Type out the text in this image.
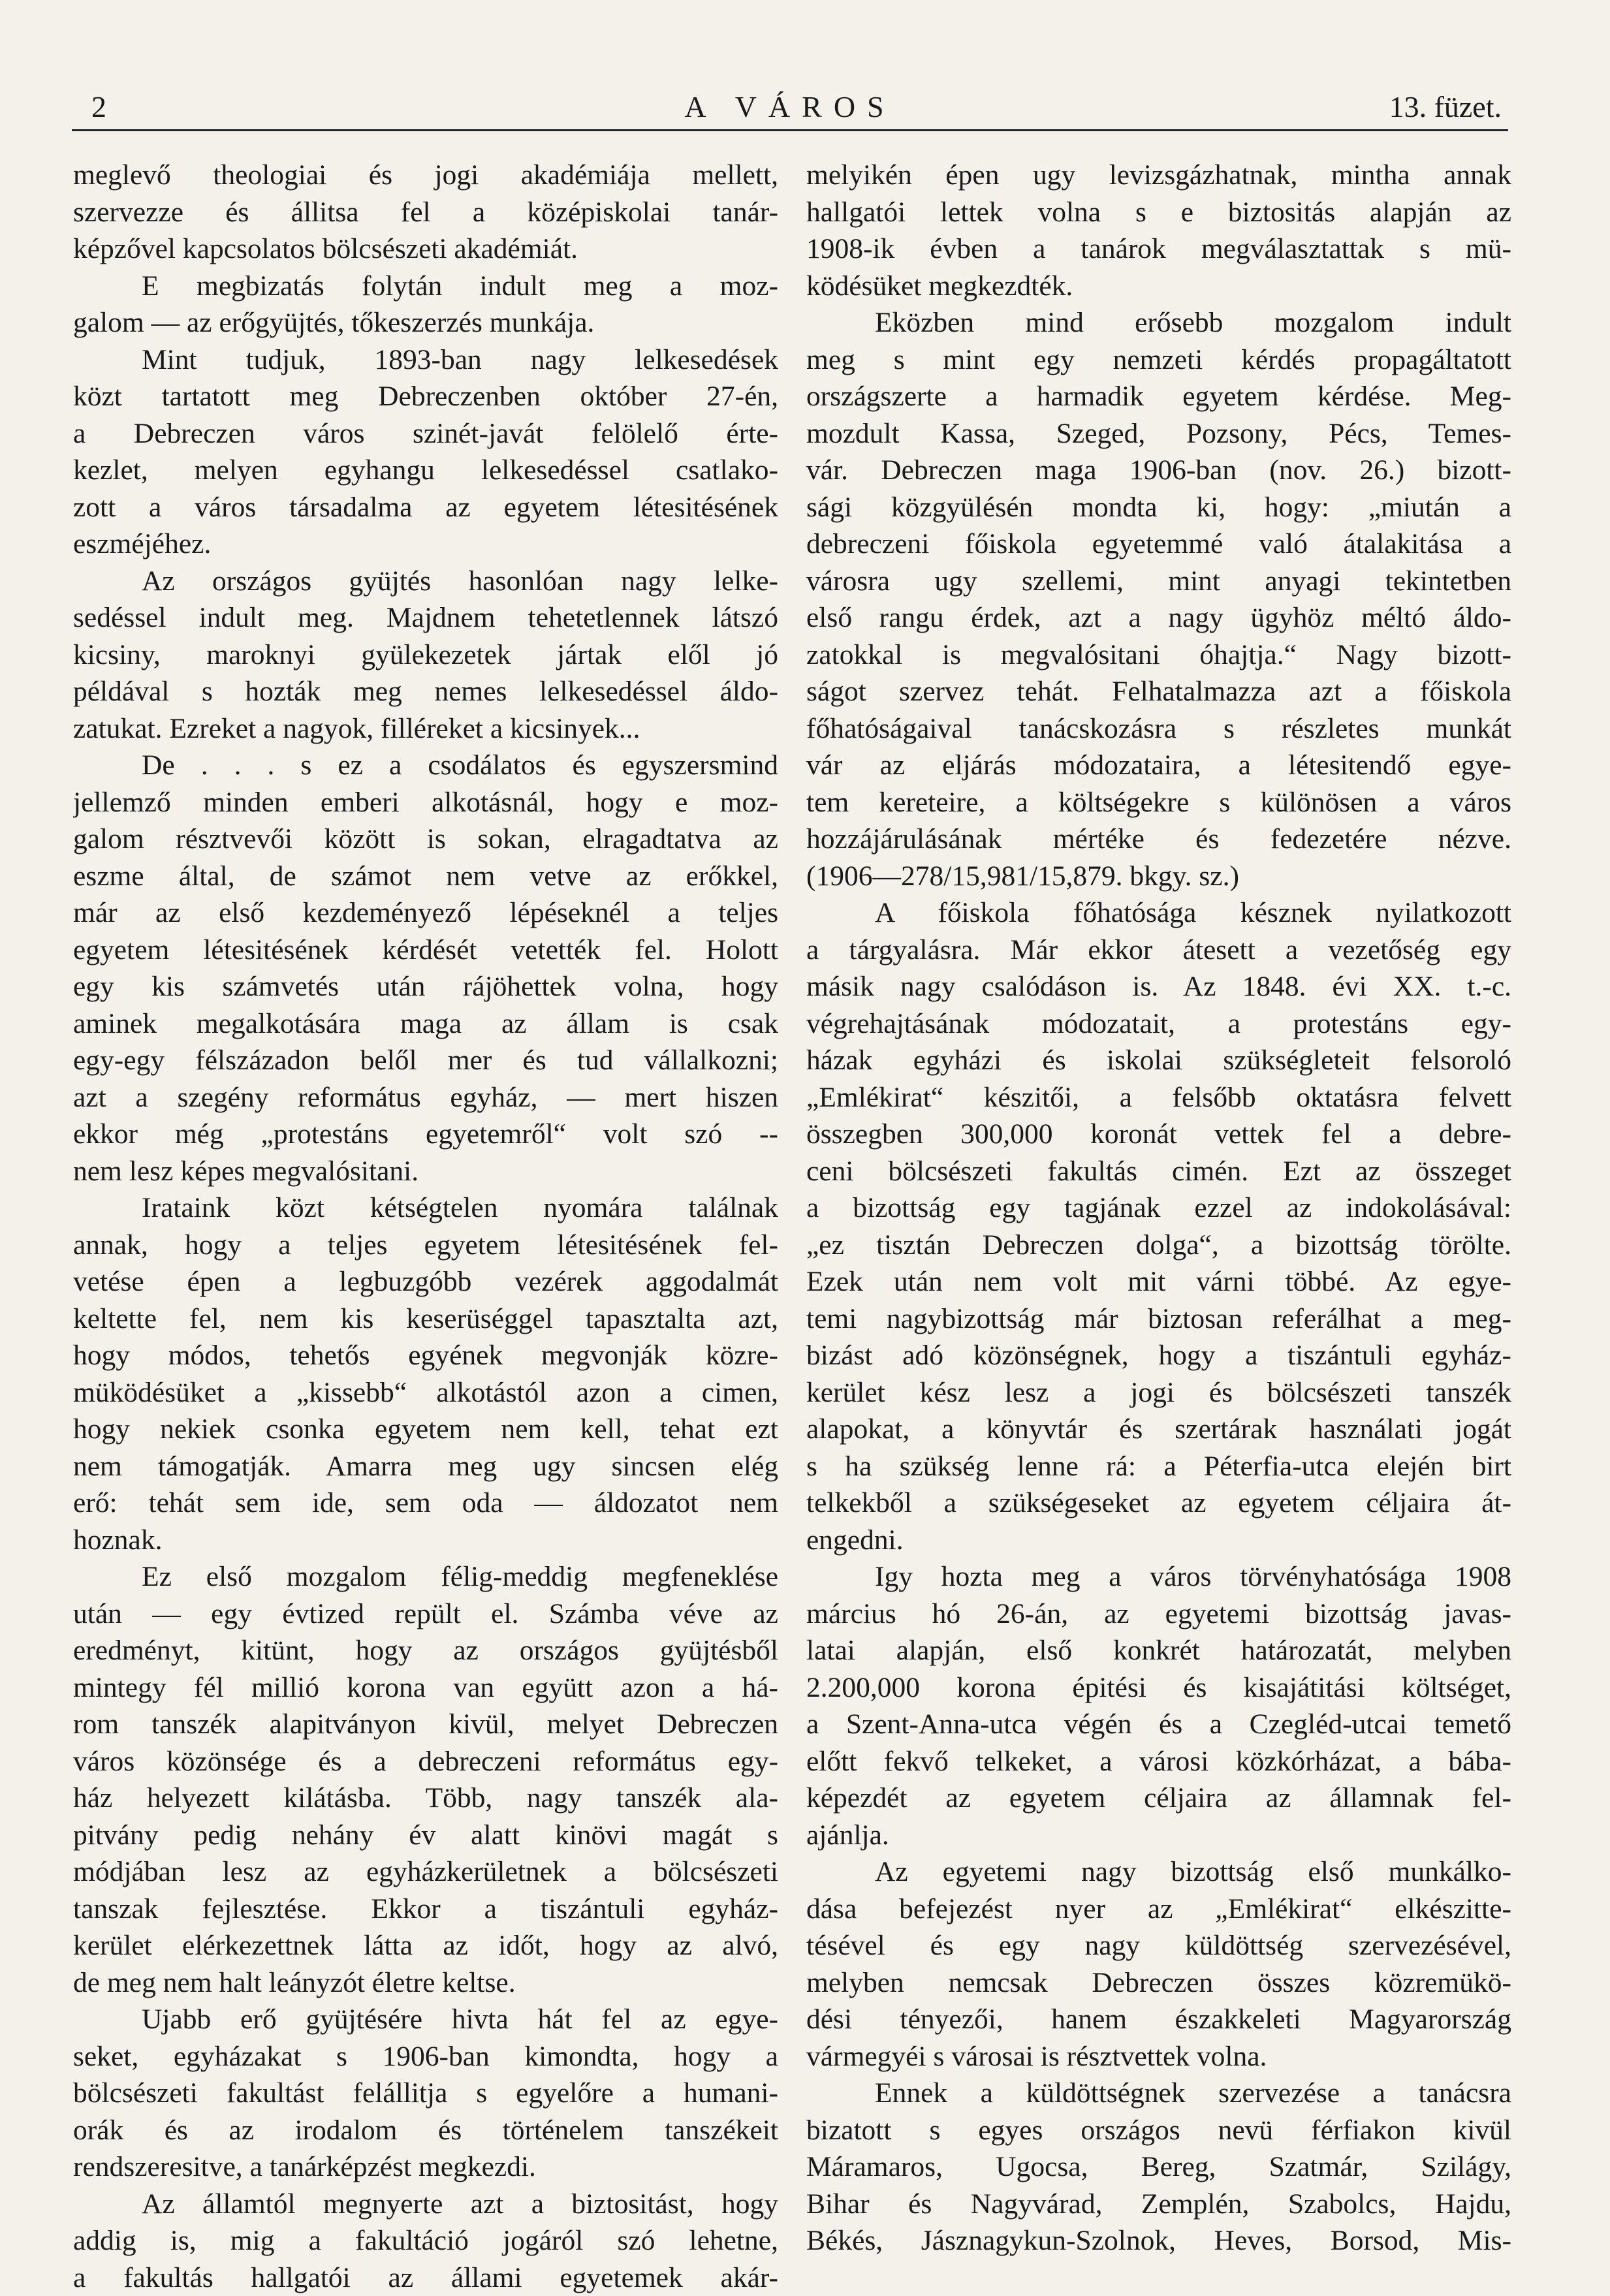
2	A VÁROS	13. füzet.
meglevő theologiai és jogi akadémiája mellett,
szervezze és állitsa fel a középiskolai tanár-
képzővel kapcsolatos bölcsészeti akadémiát.
E megbizatás folytán indult meg a moz-
galom — az erőgyüjtés, tőkeszerzés munkája.
Mint tudjuk, 1893-ban nagy lelkesedések
közt tartatott meg Debreczenben október 27-én,
a Debreczen város szinét-javát felölelő érte-
kezlet, melyen egyhangu lelkesedéssel csatlako-
zott a város társadalma az egyetem létesitésének
eszméjéhez.
Az országos gyüjtés hasonlóan nagy lelke-
sedéssel indult meg. Majdnem tehetetlennek látszó
kicsiny, maroknyi gyülekezetek jártak elől jó
példával s hozták meg nemes lelkesedéssel áldo-
zatukat. Ezreket a nagyok, filléreket a kicsinyek...
De . . . s ez a csodálatos és egyszersmind
jellemző minden emberi alkotásnál, hogy e moz-
galom résztvevői között is sokan, elragadtatva az
eszme által, de számot nem vetve az erőkkel,
már az első kezdeményező lépéseknél a teljes
egyetem létesitésének kérdését vetették fel. Holott
egy kis számvetés után rájöhettek volna, hogy
aminek megalkotására maga az állam is csak
egy-egy félszázadon belől mer és tud vállalkozni;
azt a szegény református egyház, — mert hiszen
ekkor még „protestáns egyetemről“ volt szó --
nem lesz képes megvalósitani.
Irataink közt kétségtelen nyomára találnak
annak, hogy a teljes egyetem létesitésének fel-
vetése épen a legbuzgóbb vezérek aggodalmát
keltette fel, nem kis keserüséggel tapasztalta azt,
hogy módos, tehetős egyének megvonják közre-
müködésüket a „kissebb“ alkotástól azon a cimen,
hogy nekiek csonka egyetem nem kell, tehat ezt
nem támogatják. Amarra meg ugy sincsen elég
erő: tehát sem ide, sem oda — áldozatot nem
hoznak.
Ez első mozgalom félig-meddig megfeneklése
után — egy évtized repült el. Számba véve az
eredményt, kitünt, hogy az országos gyüjtésből
mintegy fél millió korona van együtt azon a há-
rom tanszék alapitványon kivül, melyet Debreczen
város közönsége és a debreczeni református egy-
ház helyezett kilátásba. Több, nagy tanszék ala-
pitvány pedig nehány év alatt kinövi magát s
módjában lesz az egyházkerületnek a bölcsészeti
tanszak fejlesztése. Ekkor a tiszántuli egyház-
kerület elérkezettnek látta az időt, hogy az alvó,
de meg nem halt leányzót életre keltse.
Ujabb erő gyüjtésére hivta hát fel az egye-
seket, egyházakat s 1906-ban kimondta, hogy a
bölcsészeti fakultást felállitja s egyelőre a humani-
orák és az irodalom és történelem tanszékeit
rendszeresitve, a tanárképzést megkezdi.
Az államtól megnyerte azt a biztositást, hogy
addig is, mig a fakultáció jogáról szó lehetne,
a fakultás hallgatói az állami egyetemek akár-
melyikén épen ugy levizsgázhatnak, mintha annak
hallgatói lettek volna s e biztositás alapján az
1908-ik évben a tanárok megválasztattak s mü-
ködésüket megkezdték.
Eközben mind erősebb mozgalom indult
meg s mint egy nemzeti kérdés propagáltatott
országszerte a harmadik egyetem kérdése. Meg-
mozdult Kassa, Szeged, Pozsony, Pécs, Temes-
vár. Debreczen maga 1906-ban (nov. 26.) bizott-
sági közgyülésén mondta ki, hogy: „miután a
debreczeni főiskola egyetemmé való átalakitása a
városra ugy szellemi, mint anyagi tekintetben
első rangu érdek, azt a nagy ügyhöz méltó áldo-
zatokkal is megvalósitani óhajtja.“ Nagy bizott-
ságot szervez tehát. Felhatalmazza azt a főiskola
főhatóságaival tanácskozásra s részletes munkát
vár az eljárás módozataira, a létesitendő egye-
tem kereteire, a költségekre s különösen a város
hozzájárulásának mértéke és fedezetére nézve.
(1906—278/15,981/15,879. bkgy. sz.)
A főiskola főhatósága késznek nyilatkozott
a tárgyalásra. Már ekkor átesett a vezetőség egy
másik nagy csalódáson is. Az 1848. évi XX. t.-c.
végrehajtásának módozatait, a protestáns egy-
házak egyházi és iskolai szükségleteit felsoroló
„Emlékirat“ készitői, a felsőbb oktatásra felvett
összegben 300,000 koronát vettek fel a debre-
ceni bölcsészeti fakultás cimén. Ezt az összeget
a bizottság egy tagjának ezzel az indokolásával:
„ez tisztán Debreczen dolga“, a bizottság törölte.
Ezek után nem volt mit várni többé. Az egye-
temi nagybizottság már biztosan referálhat a meg-
bizást adó közönségnek, hogy a tiszántuli egyház-
kerület kész lesz a jogi és bölcsészeti tanszék
alapokat, a könyvtár és szertárak használati jogát
s ha szükség lenne rá: a Péterfia-utca elején birt
telkekből a szükségeseket az egyetem céljaira át-
engedni.
Igy hozta meg a város törvényhatósága 1908
március hó 26-án, az egyetemi bizottság javas-
latai alapján, első konkrét határozatát, melyben
2.200,000 korona épitési és kisajátitási költséget,
a Szent-Anna-utca végén és a Czegléd-utcai temető
előtt fekvő telkeket, a városi közkórházat, a bába-
képezdét az egyetem céljaira az államnak fel-
ajánlja.
Az egyetemi nagy bizottság első munkálko-
dása befejezést nyer az „Emlékirat“ elkészitte-
tésével és egy nagy küldöttség szervezésével,
melyben nemcsak Debreczen összes közremükö-
dési tényezői, hanem északkeleti Magyarország
vármegyéi s városai is résztvettek volna.
Ennek a küldöttségnek szervezése a tanácsra
bizatott s egyes országos nevü férfiakon kivül
Máramaros, Ugocsa, Bereg, Szatmár, Szilágy,
Bihar és Nagyvárad, Zemplén, Szabolcs, Hajdu,
Békés, Jásznagykun-Szolnok, Heves, Borsod, Mis-
